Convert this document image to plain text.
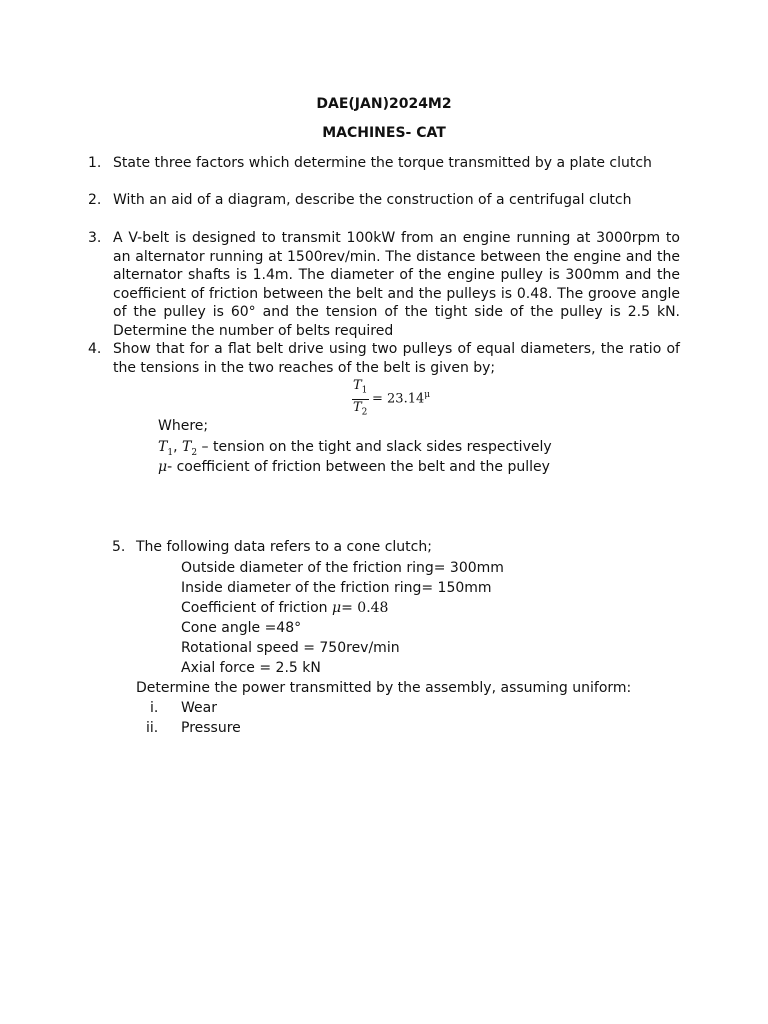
DAE(JAN)2024M2
MACHINES- CAT
1. State three factors which determine the torque transmitted by a plate clutch
2. With an aid of a diagram, describe the construction of a centrifugal clutch
3. A V-belt is designed to transmit 100kW from an engine running at 3000rpm to an alternator running at 1500rev/min. The distance between the engine and the alternator shafts is 1.4m. The diameter of the engine pulley is 300mm and the coefficient of friction between the belt and the pulleys is 0.48. The groove angle of the pulley is 60° and the tension of the tight side of the pulley is 2.5 kN. Determine the number of belts required
4. Show that for a flat belt drive using two pulleys of equal diameters, the ratio of the tensions in the two reaches of the belt is given by;
$T_1$
$T_2$
= $23.14^\mu$
Where;
$T_1$, $T_2$ – tension on the tight and slack sides respectively
μ- coefficient of friction between the belt and the pulley
5. The following data refers to a cone clutch;
Outside diameter of the friction ring= 300mm
Inside diameter of the friction ring= 150mm
Coefficient of friction μ= 0.48
Cone angle =48°
Rotational speed = 750rev/min
Axial force = 2.5 kN
Determine the power transmitted by the assembly, assuming uniform:
i. Wear
ii. Pressure
